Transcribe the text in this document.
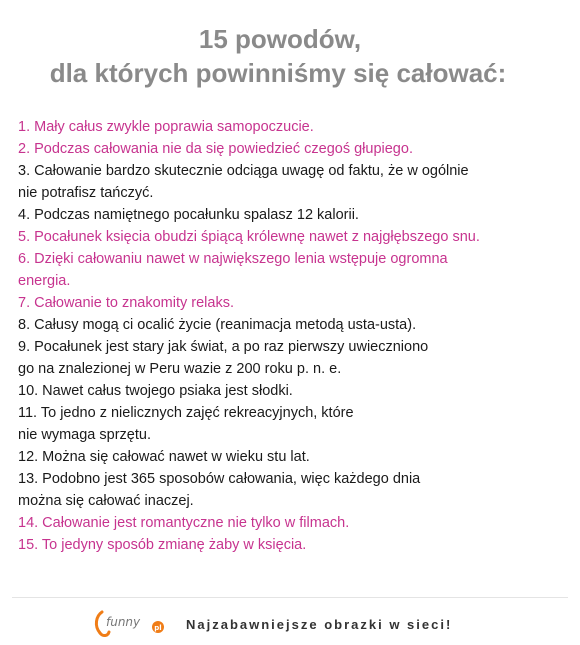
15 powodów,
dla których powinniśmy się całować:
1. Mały całus zwykle poprawia samopoczucie.
2. Podczas całowania nie da się powiedzieć czegoś głupiego.
3. Całowanie bardzo skutecznie odciąga uwagę od faktu, że w ogólnie
nie potrafisz tańczyć.
4. Podczas namiętnego pocałunku spalasz 12 kalorii.
5. Pocałunek księcia obudzi śpiącą królewnę nawet z najgłębszego snu.
6. Dzięki całowaniu nawet w największego lenia wstępuje ogromna
energia.
7. Całowanie to znakomity relaks.
8. Całusy mogą ci ocalić życie (reanimacja metodą usta-usta).
9. Pocałunek jest stary jak świat, a po raz pierwszy uwieczniono
go na znalezionej w Peru wazie z 200 roku p. n. e.
10. Nawet całus twojego psiaka jest słodki.
11. To jedno z nielicznych zajęć rekreacyjnych, które
nie wymaga sprzętu.
12. Można się całować nawet w wieku stu lat.
13. Podobno jest 365 sposobów całowania, więc każdego dnia
można się całować inaczej.
14. Całowanie jest romantyczne nie tylko w filmach.
15. To jedyny sposób zmianę żaby w księcia.
funny pl Najzabawniejsze obrazki w sieci!
